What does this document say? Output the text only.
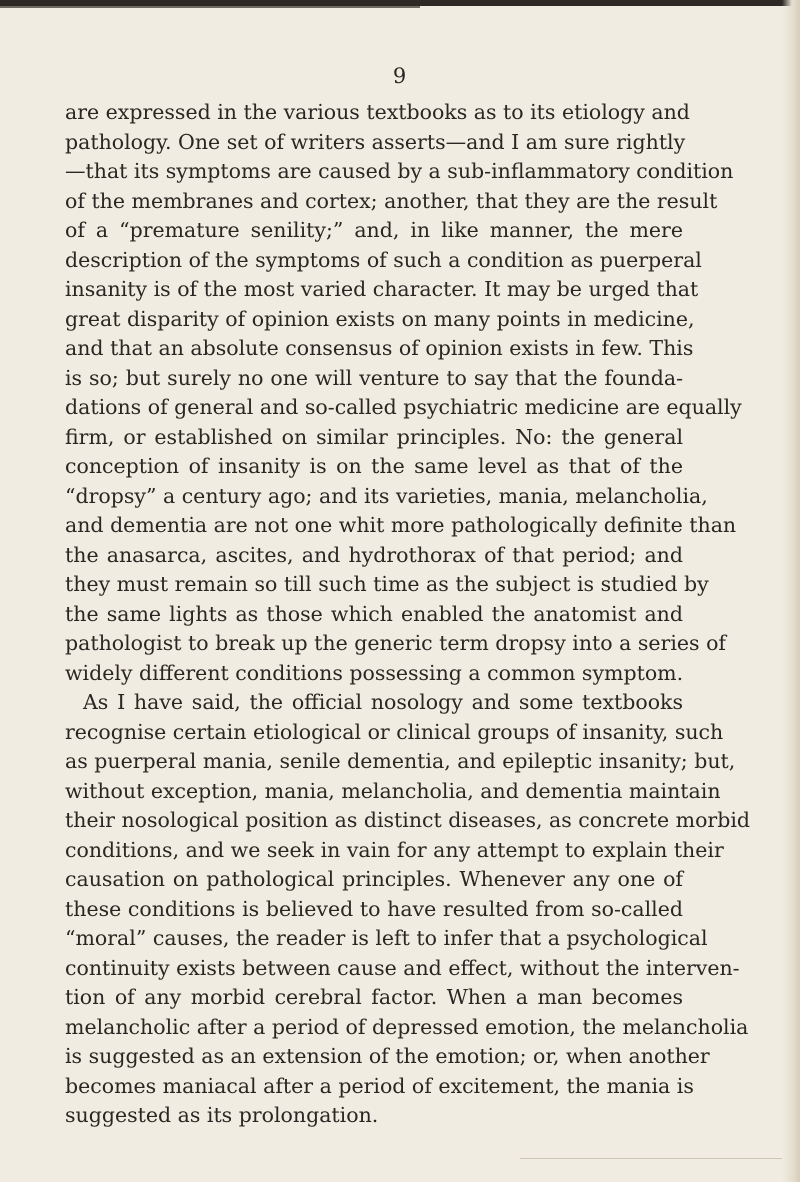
9
are expressed in the various textbooks as to its etiology and
pathology. One set of writers asserts—and I am sure rightly
—that its symptoms are caused by a sub-inflammatory condition
of the membranes and cortex; another, that they are the result
of a “premature senility;” and, in like manner, the mere
description of the symptoms of such a condition as puerperal
insanity is of the most varied character. It may be urged that
great disparity of opinion exists on many points in medicine,
and that an absolute consensus of opinion exists in few. This
is so; but surely no one will venture to say that the founda-
dations of general and so-called psychiatric medicine are equally
firm, or established on similar principles. No: the general
conception of insanity is on the same level as that of the
“dropsy” a century ago; and its varieties, mania, melancholia,
and dementia are not one whit more pathologically definite than
the anasarca, ascites, and hydrothorax of that period; and
they must remain so till such time as the subject is studied by
the same lights as those which enabled the anatomist and
pathologist to break up the generic term dropsy into a series of
widely different conditions possessing a common symptom.
As I have said, the official nosology and some textbooks
recognise certain etiological or clinical groups of insanity, such
as puerperal mania, senile dementia, and epileptic insanity; but,
without exception, mania, melancholia, and dementia maintain
their nosological position as distinct diseases, as concrete morbid
conditions, and we seek in vain for any attempt to explain their
causation on pathological principles. Whenever any one of
these conditions is believed to have resulted from so-called
“moral” causes, the reader is left to infer that a psychological
continuity exists between cause and effect, without the interven-
tion of any morbid cerebral factor. When a man becomes
melancholic after a period of depressed emotion, the melancholia
is suggested as an extension of the emotion; or, when another
becomes maniacal after a period of excitement, the mania is
suggested as its prolongation.
